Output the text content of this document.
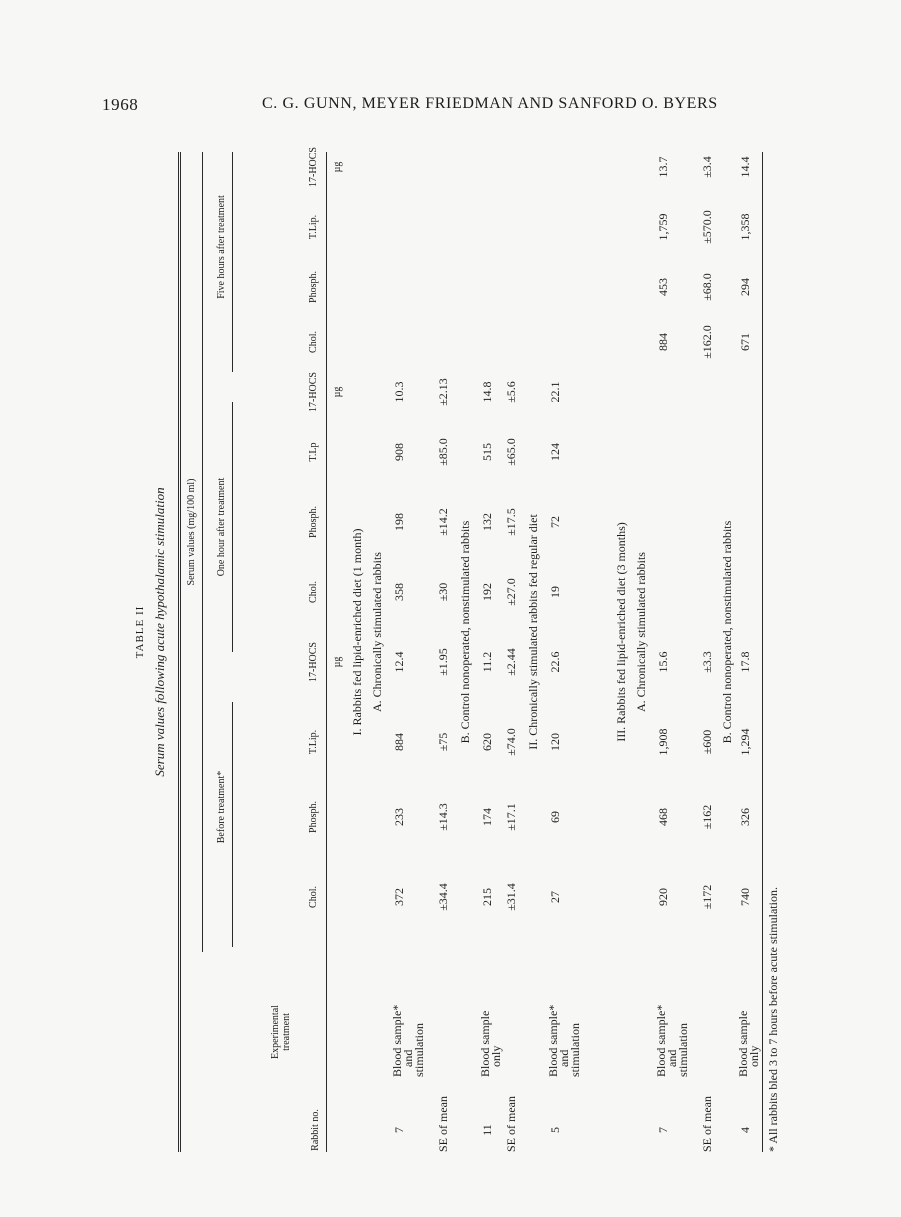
1968	C. G. GUNN, MEYER FRIEDMAN AND SANFORD O. BYERS
TABLE II Serum values following acute hypothalamic stimulation
Rabbit no.
Experimental treatment
Serum values (mg/100 ml)
Before treatment*
One hour after treatment
Five hours after treatment
Chol.
Phosph.
T.Lip.
17-HOCS
Chol.
Phosph.
T.Lp
17-HOCS
Chol.
Phosph.
T.Lip.
17-HOCS
µg
µg
µg
I. Rabbits fed lipid-enriched diet (1 month) A. Chronically stimulated rabbits
7
Blood sample*
and
stimulation
372
233
884
12.4
358
198
908
10.3
SE of mean
±34.4
±14.3
±75
±1.95
±30
±14.2
±85.0
±2.13
B. Control nonoperated, nonstimulated rabbits
11
Blood sample
only
215
174
620
11.2
192
132
515
14.8
SE of mean
±31.4
±17.1
±74.0
±2.44
±27.0
±17.5
±65.0
±5.6
II. Chronically stimulated rabbits fed regular diet
5
Blood sample*
and
stimulation
27
69
120
22.6
19
72
124
22.1
III. Rabbits fed lipid-enriched diet (3 months) A. Chronically stimulated rabbits
7
Blood sample*
and
stimulation
920
468
1,908
15.6
884
453
1,759
13.7
SE of mean
±172
±162
±600
±3.3
±162.0
±68.0
±570.0
±3.4
B. Control nonoperated, nonstimulated rabbits
4
Blood sample
only
740
326
1,294
17.8
671
294
1,358
14.4
* All rabbits bled 3 to 7 hours before acute stimulation.
